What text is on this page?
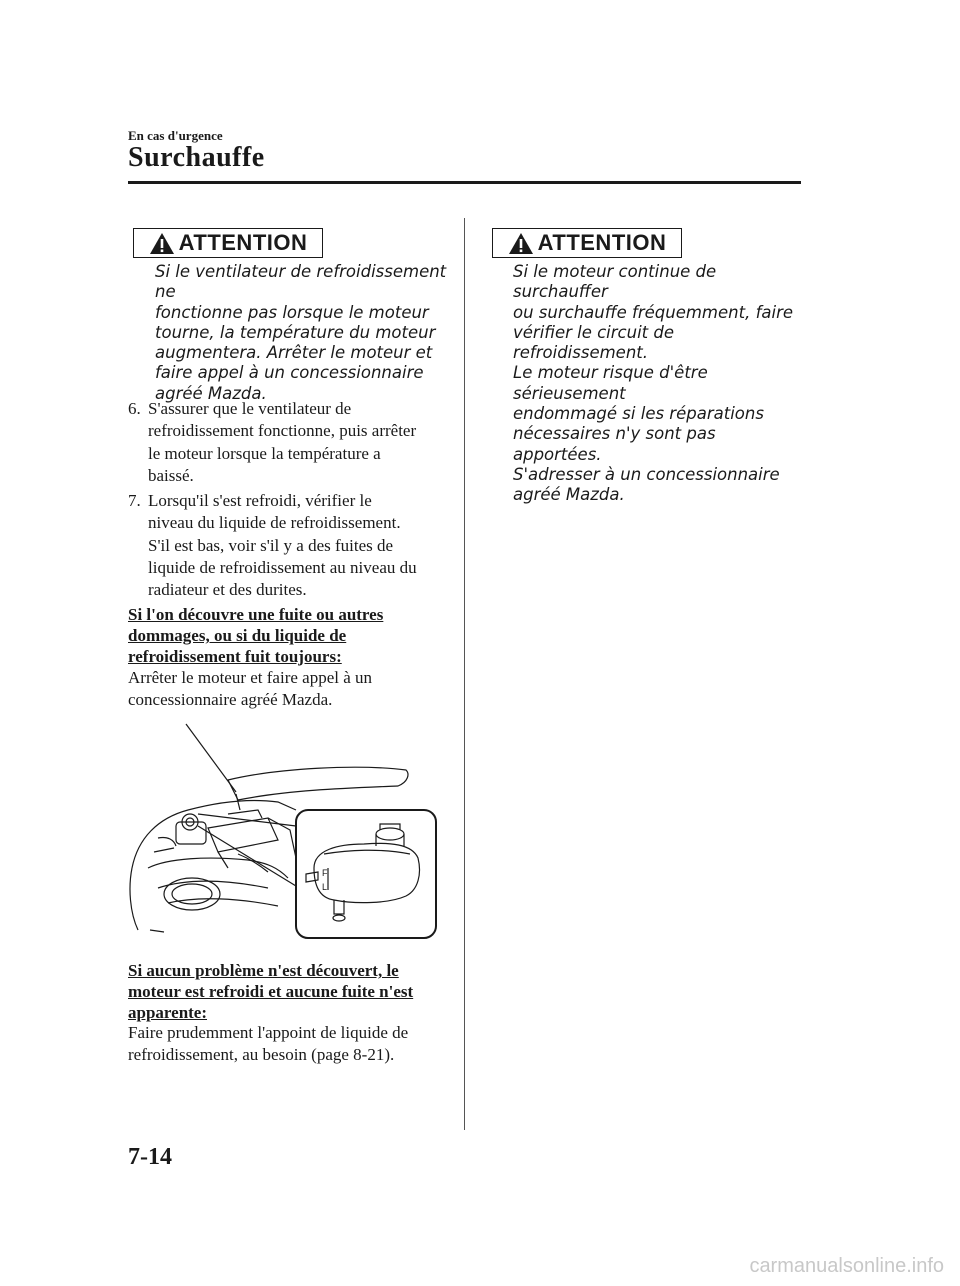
En cas d'urgence
Surchauffe
ATTENTION

Si le ventilateur de refroidissement ne

fonctionne pas lorsque le moteur

tourne, la température du moteur

augmentera. Arrêter le moteur et

faire appel à un concessionnaire

agréé Mazda.

6. S'assurer que le ventilateur de
refroidissement fonctionne, puis arrêter
le moteur lorsque la température a
baissé.
7. Lorsqu'il s'est refroidi, vérifier le
niveau du liquide de refroidissement.
S'il est bas, voir s'il y a des fuites de
liquide de refroidissement au niveau du
radiateur et des durites.
Si l'on découvre une fuite ou autres
dommages, ou si du liquide de
refroidissement fuit toujours:
Arrêter le moteur et faire appel à un
concessionnaire agréé Mazda.
F
L
Si aucun problème n'est découvert, le
moteur est refroidi et aucune fuite n'est
apparente:
Faire prudemment l'appoint de liquide de
refroidissement, au besoin (page 8-21).
ATTENTION

Si le moteur continue de surchauffer

ou surchauffe fréquemment, faire

vérifier le circuit de refroidissement.

Le moteur risque d'être sérieusement

endommagé si les réparations

nécessaires n'y sont pas apportées.

S'adresser à un concessionnaire

agréé Mazda.

7-14
carmanualsonline.info
